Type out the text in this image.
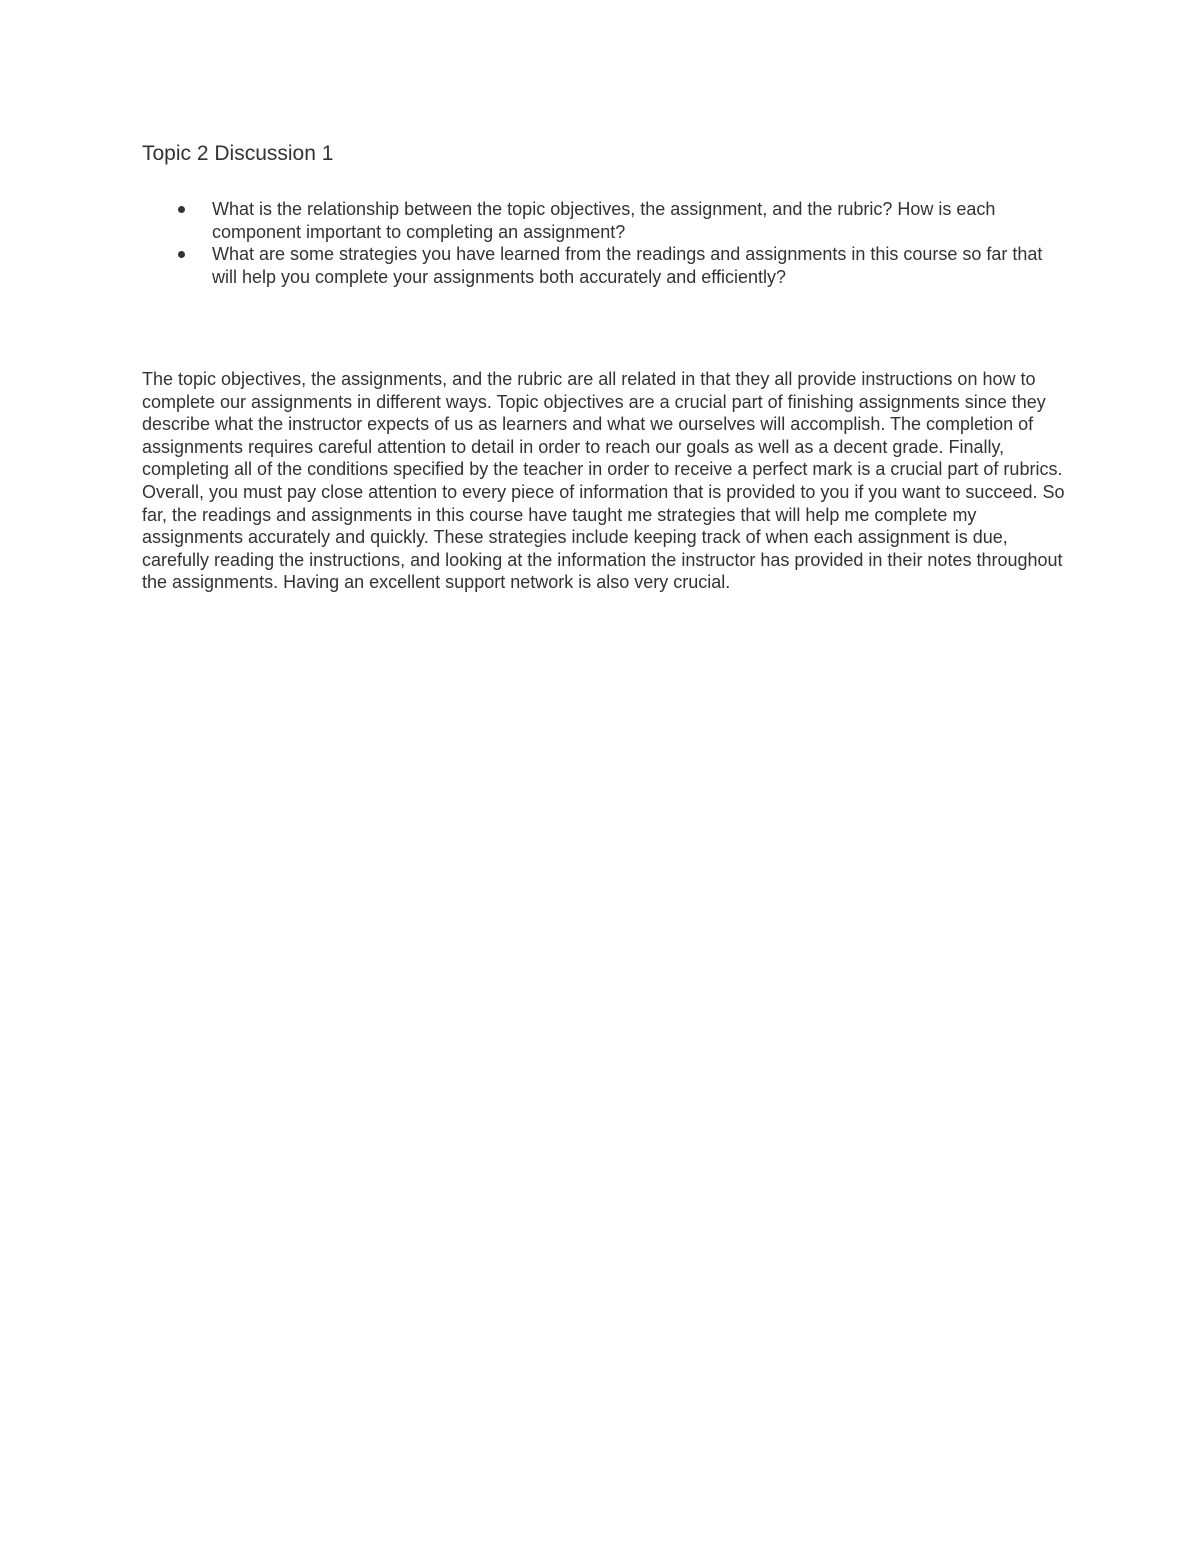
Topic 2 Discussion 1
What is the relationship between the topic objectives, the assignment, and the rubric? How is each component important to completing an assignment?
What are some strategies you have learned from the readings and assignments in this course so far that will help you complete your assignments both accurately and efficiently?

The topic objectives, the assignments, and the rubric are all related in that they all provide instructions on how to complete our assignments in different ways. Topic objectives are a crucial part of finishing assignments since they describe what the instructor expects of us as learners and what we ourselves will accomplish. The completion of assignments requires careful attention to detail in order to reach our goals as well as a decent grade. Finally, completing all of the conditions specified by the teacher in order to receive a perfect mark is a crucial part of rubrics. Overall, you must pay close attention to every piece of information that is provided to you if you want to succeed. So far, the readings and assignments in this course have taught me strategies that will help me complete my assignments accurately and quickly. These strategies include keeping track of when each assignment is due, carefully reading the instructions, and looking at the information the instructor has provided in their notes throughout the assignments. Having an excellent support network is also very crucial.
